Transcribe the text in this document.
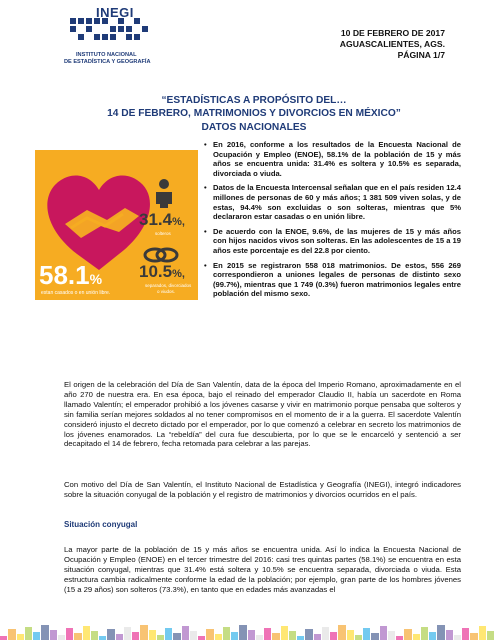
INEGI
INSTITUTO NACIONAL
DE ESTADÍSTICA Y GEOGRAFÍA
10 DE FEBRERO DE 2017
AGUASCALIENTES, AGS.
PÁGINA 1/7
“ESTADÍSTICAS A PROPÓSITO DEL…
14 DE FEBRERO, MATRIMONIOS Y DIVORCIOS EN MÉXICO”
DATOS NACIONALES
31.4%,
solteros
10.5%,
separados, divorciados
o viudos.
58.1%
estan casados o en unión libre.
• En 2016, conforme a los resultados de la Encuesta Nacional de Ocupación y Empleo (ENOE), 58.1% de la población de 15 y más años se encuentra unida: 31.4% es soltera y 10.5% es separada, divorciada o viuda.
• Datos de la Encuesta Intercensal señalan que en el país residen 12.4 millones de personas de 60 y más años; 1 381 509 viven solas, y de estas, 94.4% son excluidas o son solteras, mientras que 5% declararon estar casadas o en unión libre.
• De acuerdo con la ENOE, 9.6%, de las mujeres de 15 y más años con hijos nacidos vivos son solteras. En las adolescentes de 15 a 19 años este porcentaje es del 22.8 por ciento.
• En 2015 se registraron 558 018 matrimonios. De estos, 556 269 correspondieron a uniones legales de personas de distinto sexo (99.7%), mientras que 1 749 (0.3%) fueron matrimonios legales entre población del mismo sexo.

El origen de la celebración del Día de San Valentín, data de la época del Imperio Romano, aproximadamente en el año 270 de nuestra era. En esa época, bajo el reinado del emperador Claudio II, había un sacerdote en Roma llamado Valentín; el emperador prohibió a los jóvenes casarse y vivir en matrimonio porque pensaba que solteros y sin familia serían mejores soldados al no tener compromisos en el momento de ir a la guerra. El sacerdote Valentín consideró injusto el decreto dictado por el emperador, por lo que comenzó a celebrar en secreto los matrimonios de los jóvenes enamorados. La “rebeldía” del cura fue descubierta, por lo que se le encarceló y sentenció a ser decapitado el 14 de febrero, fecha retomada para celebrar a las parejas.

Con motivo del Día de San Valentín, el Instituto Nacional de Estadística y Geografía (INEGI), integró indicadores sobre la situación conyugal de la población y el registro de matrimonios y divorcios ocurridos en el país.

Situación conyugal

La mayor parte de la población de 15 y más años se encuentra unida. Así lo indica la Encuesta Nacional de Ocupación y Empleo (ENOE) en el tercer trimestre del 2016: casi tres quintas partes (58.1%) se encuentra en esta situación conyugal, mientras que 31.4% está soltera y 10.5% se encuentra separada, divorciada o viuda. Esta estructura cambia radicalmente conforme la edad de la población; por ejemplo, gran parte de los hombres jóvenes (15 a 29 años) son solteros (73.3%), en tanto que en edades más avanzadas el
